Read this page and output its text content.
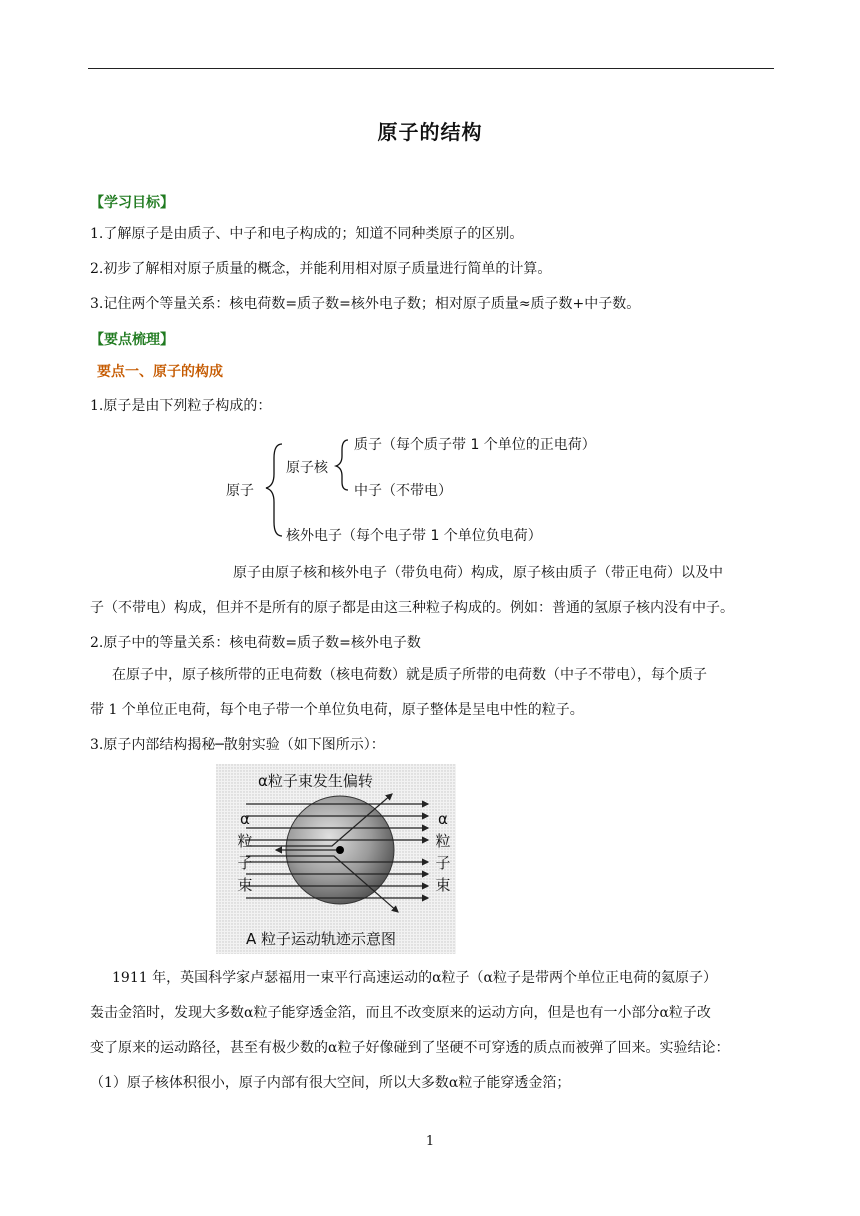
原子的结构
【学习目标】
1.了解原子是由质子、中子和电子构成的；知道不同种类原子的区别。
2.初步了解相对原子质量的概念，并能利用相对原子质量进行简单的计算。
3.记住两个等量关系：核电荷数=质子数=核外电子数；相对原子质量≈质子数+中子数。
【要点梳理】
要点一、原子的构成
1.原子是由下列粒子构成的：
原子
原子核
质子（每个质子带 1 个单位的正电荷）
中子（不带电）
核外电子（每个电子带 1 个单位负电荷）
原子由原子核和核外电子（带负电荷）构成，原子核由质子（带正电荷）以及中
子（不带电）构成，但并不是所有的原子都是由这三种粒子构成的。例如：普通的氢原子核内没有中子。
2.原子中的等量关系：核电荷数=质子数=核外电子数
在原子中，原子核所带的正电荷数（核电荷数）就是质子所带的电荷数（中子不带电），每个质子
带 1 个单位正电荷，每个电子带一个单位负电荷，原子整体是呈电中性的粒子。
3.原子内部结构揭秘─散射实验（如下图所示）：
α粒子束发生偏转
α粒子束
α粒子束
A 粒子运动轨迹示意图
1911 年，英国科学家卢瑟福用一束平行高速运动的α粒子（α粒子是带两个单位正电荷的氦原子）
轰击金箔时，发现大多数α粒子能穿透金箔，而且不改变原来的运动方向，但是也有一小部分α粒子改
变了原来的运动路径，甚至有极少数的α粒子好像碰到了坚硬不可穿透的质点而被弹了回来。实验结论：
（1）原子核体积很小，原子内部有很大空间，所以大多数α粒子能穿透金箔；
1
